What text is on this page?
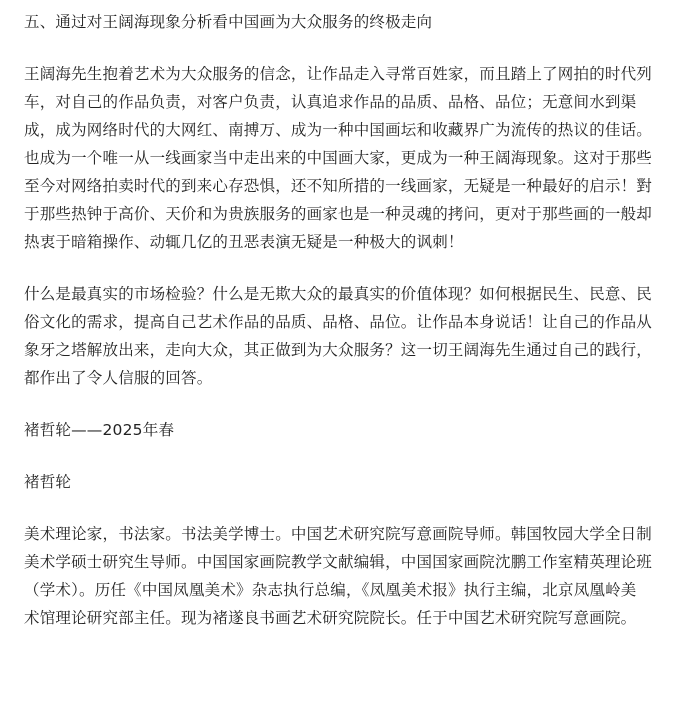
五、通过对王阔海现象分析看中国画为大众服务的终极走向
王阔海先生抱着艺术为大众服务的信念，让作品走入寻常百姓家，而且踏上了网拍的时代列
车，对自己的作品负责，对客户负责，认真追求作品的品质、品格、品位；无意间水到渠
成，成为网络时代的大网红、南搏万、成为一种中国画坛和收藏界广为流传的热议的佳话。
也成为一个唯一从一线画家当中走出来的中国画大家，更成为一种王阔海现象。这对于那些
至今对网络拍卖时代的到来心存恐惧，还不知所措的一线画家，无疑是一种最好的启示！對
于那些热钟于高价、天价和为贵族服务的画家也是一种灵魂的拷问，更对于那些画的一般却
热衷于暗箱操作、动辄几亿的丑恶表演无疑是一种极大的讽刺！
什么是最真实的市场检验？什么是无欺大众的最真实的价值体现？如何根据民生、民意、民
俗文化的需求，提高自己艺术作品的品质、品格、品位。让作品本身说话！让自己的作品从
象牙之塔解放出来，走向大众，其正做到为大众服务？这一切王阔海先生通过自己的践行，
都作出了令人信服的回答。
褚哲轮——2025年春
褚哲轮
美术理论家，书法家。书法美学博士。中国艺术研究院写意画院导师。韩国牧园大学全日制
美术学硕士研究生导师。中国国家画院教学文献编辑，中国国家画院沈鹏工作室精英理论班
（学术）。历任《中国凤凰美术》杂志执行总编，《凤凰美术报》执行主编，北京凤凰岭美
术馆理论研究部主任。现为褚遂良书画艺术研究院院长。任于中国艺术研究院写意画院。
